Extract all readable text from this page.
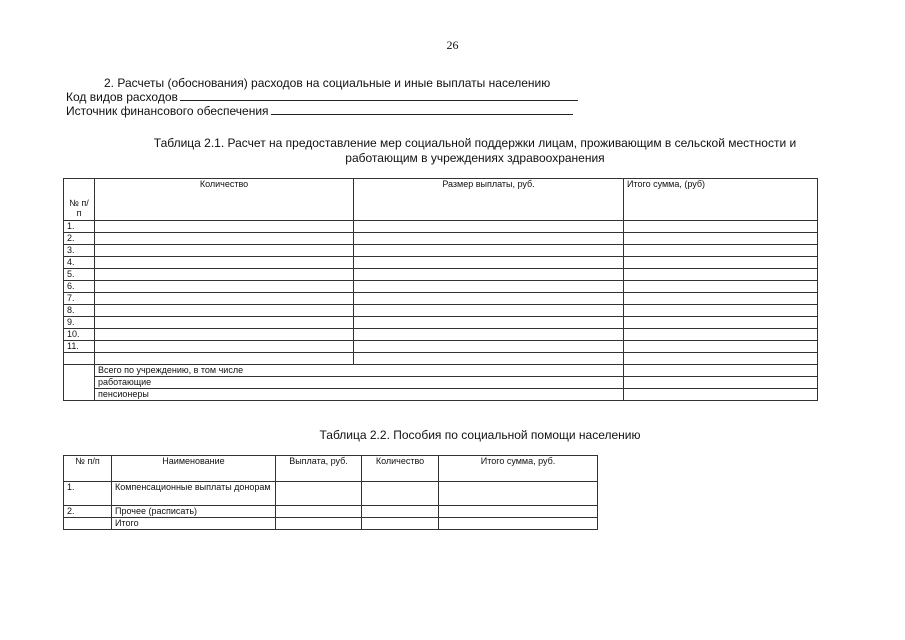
26
2. Расчеты (обоснования) расходов на социальные и иные выплаты населению
Код видов расходов
Источник финансового обеспечения
Таблица 2.1. Расчет на предоставление мер социальной поддержки лицам, проживающим в сельской местности и
работающим в учреждениях здравоохранения
№ п/п	Количество	Размер выплаты, руб.	Итого сумма, (руб)
1.			
2.			
3.			
4.			
5.			
6.			
7.			
8.			
9.			
10.			
11.			

	Всего по учреждению, в том числе		
	работающие		
	пенсионеры		
Таблица 2.2. Пособия по социальной помощи населению
№ п/п	Наименование	Выплата, руб.	Количество	Итого сумма, руб.
1.	Компенсационные выплаты донорам			
2.	Прочее (расписать)			
	Итого			
